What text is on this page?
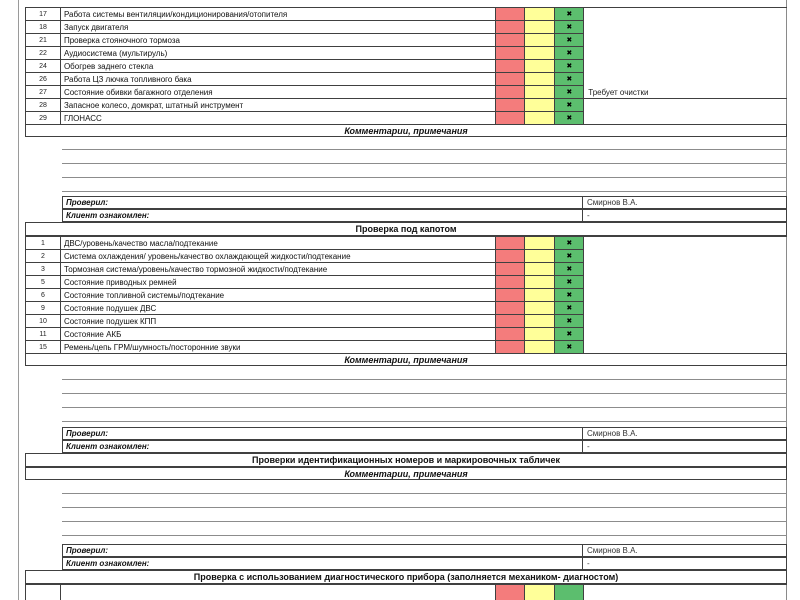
17	Работа системы вентиляции/кондиционирования/отопителя	✖
18	Запуск двигателя	✖
21	Проверка стояночного тормоза	✖
22	Аудиосистема (мультируль)	✖
24	Обогрев заднего стекла	✖
26	Работа ЦЗ лючка топливного бака	✖
27	Состояние обивки багажного отделения	✖	Требует очистки
28	Запасное колесо, домкрат, штатный инструмент	✖
29	ГЛОНАСС	✖
Комментарии, примечания
Проверил:	Смирнов В.А.
Клиент ознакомлен:	-
Проверка под капотом
1	ДВС/уровень/качество масла/подтекание	✖
2	Система охлаждения/ уровень/качество охлаждающей жидкости/подтекание	✖
3	Тормозная система/уровень/качество тормозной жидкости/подтекание	✖
5	Состояние приводных ремней	✖
6	Состояние топливной системы/подтекание	✖
9	Состояние подушек ДВС	✖
10	Состояние подушек КПП	✖
11	Состояние АКБ	✖
15	Ремень/цепь ГРМ/шумность/посторонние звуки	✖
Комментарии, примечания
Проверил:	Смирнов В.А.
Клиент ознакомлен:	-
Проверки идентификационных номеров и маркировочных табличек
Комментарии, примечания
Проверил:	Смирнов В.А.
Клиент ознакомлен:	-
Проверка с использованием диагностического прибора (заполняется механиком- диагностом)
